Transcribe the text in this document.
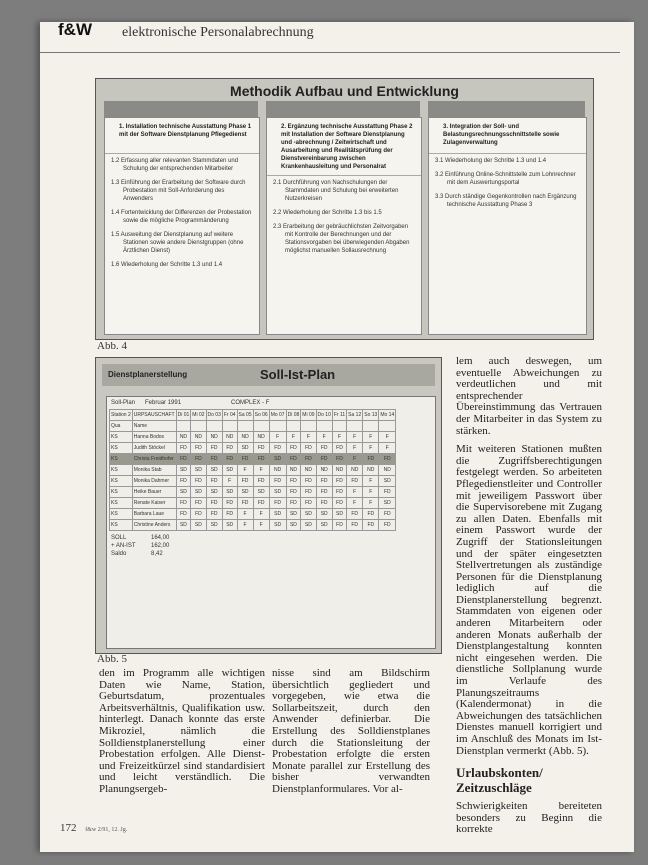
f&W elektronische Personalabrechnung
Methodik Aufbau und Entwicklung
1. Installation technische Ausstattung Phase 1 mit der Software Dienstplanung Pflegedienst
1.2 Erfassung aller relevanten Stammdaten und Schulung der entsprechenden Mitarbeiter
1.3 Einführung der Erarbeitung der Software durch Probestation mit Soll-Anforderung des Anwenders
1.4 Fortentwicklung der Differenzen der Probestation sowie die mögliche Programmänderung
1.5 Ausweitung der Dienstplanung auf weitere Stationen sowie andere Dienstgruppen (ohne Ärztlichen Dienst)
1.6 Wiederholung der Schritte 1.3 und 1.4
2. Ergänzung technische Ausstattung Phase 2 mit Installation der Software Dienstplanung und -abrechnung / Zeitwirtschaft und Ausarbeitung und Realitätsprüfung der Dienstvereinbarung zwischen Krankenhausleitung und Personalrat
2.1 Durchführung von Nachschulungen der Stammdaten und Schulung bei erweiterten Nutzerkreisen
2.2 Wiederholung der Schritte 1.3 bis 1.5
2.3 Erarbeitung der gebräuchlichsten Zeitvorgaben mit Kontrolle der Berechnungen und der Stationsvorgaben bei überwiegenden Abgaben möglichst manuellen Sollausrechnung
3. Integration der Soll- und Belastungsrechnungsschnittstelle sowie Zulagenverwaltung
3.1 Wiederholung der Schritte 1.3 und 1.4
3.2 Einführung Online-Schnittstelle zum Lohnrechner mit dem Auswertungsportal
3.3 Durch ständige Gegenkontrollen nach Ergänzung technische Ausstattung Phase 3
Abb. 4
Dienstplanerstellung	Soll-Ist-Plan
Soll-Plan Februar 1991	COMPLEX - F
Station 2	URPSAUSCHAFT	Di 01	Mi 02	Do 03	Fr 04	Sa 05	So 06	Mo 07	Di 08	Mi 09	Do 10	Fr 11	Sa 12	So 13	Mo 14
Qua	Name														
KS	Hanna Bodos	ND	ND	ND	ND	ND	ND	F	F	F	F	F	F	F	F
KS	Judith Stöckel	FD	FD	FD	FD	SD	FD	FD	FD	FD	FD	FD	F	F	F
KS	Christa Freidhofer	FD	FD	FD	FD	FD	FD	SD	FD	FD	FD	FD	F	FD	FD
KS	Monika Stab	SD	SD	SD	SD	F	F	ND	ND	ND	ND	ND	ND	ND	ND
KS	Monika Dahmer	FD	FD	FD	F	FD	FD	FD	FD	FD	FD	FD	FD	F	SD
KS	Heike Bauer	SD	SD	SD	SD	SD	SD	SD	FD	FD	FD	FD	F	F	FD
KS	Renate Kaiser	FD	FD	FD	FD	FD	FD	FD	FD	FD	FD	FD	F	F	SD
KS	Barbara Laue	FD	FD	FD	FD	F	F	SD	SD	SD	SD	SD	FD	FD	FD
KS	Christine Anders	SD	SD	SD	SD	F	F	SD	SD	SD	SD	FD	FD	FD	FD
SOLL	164,00
+ AN-IST	162,00
Saldo	8,42
Abb. 5

den im Programm alle wichtigen Daten wie Name, Station, Geburtsdatum, prozentuales Arbeitsverhältnis, Qualifikation usw. hinterlegt. Danach konnte das erste Mikroziel, nämlich die Solldienstplanerstellung einer Probestation erfolgen. Alle Dienst- und Freizeitkürzel sind standardisiert und leicht verständlich. Die Planungsergeb-

nisse sind am Bildschirm übersichtlich gegliedert und vorgegeben, wie etwa die Sollarbeitszeit, durch den Anwender definierbar. Die Erstellung des Solldienstplanes durch die Stationsleitung der Probestation erfolgte die ersten Monate parallel zur Erstellung des bisher verwandten Dienstplanformulares. Vor al-

lem auch deswegen, um eventuelle Abweichungen zu verdeutlichen und mit entsprechender Übereinstimmung das Vertrauen der Mitarbeiter in das System zu stärken.

Mit weiteren Stationen mußten die Zugriffsberechtigungen festgelegt werden. So arbeiteten Pflegedienstleiter und Controller mit jeweiligem Passwort über die Supervisorebene mit Zugang zu allen Daten. Ebenfalls mit einem Passwort wurde der Zugriff der Stationsleitungen und der später eingesetzten Stellvertretungen als zuständige Personen für die Dienstplanung lediglich auf die Dienstplanerstellung begrenzt. Stammdaten von eigenen oder anderen Mitarbeitern oder anderen Monats außerhalb der Dienstplangestaltung konnten nicht eingesehen werden. Die dienstliche Sollplanung wurde im Verlaufe des Planungszeitraums (Kalendermonat) in die Abweichungen des tatsächlichen Dienstes manuell korrigiert und im Anschluß des Monats im Ist-Dienstplan vermerkt (Abb. 5).

Urlaubskonten/ Zeitzuschläge

Schwierigkeiten bereiteten besonders zu Beginn die korrekte

172 f&w 2/91, 12. Jg.
